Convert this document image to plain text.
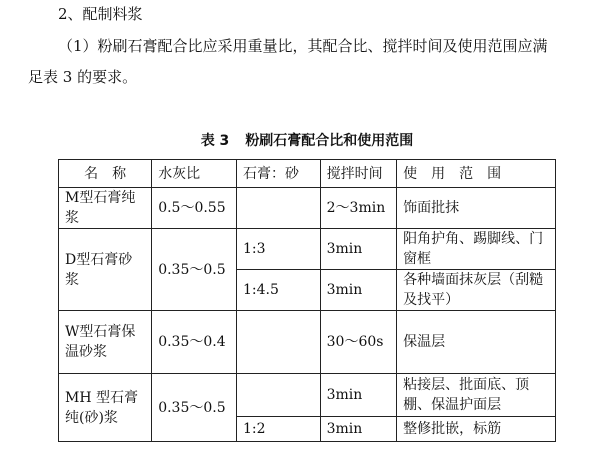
2、配制料浆
（1）粉刷石膏配合比应采用重量比，其配合比、搅拌时间及使用范围应满
足表 3 的要求。
表 3 粉刷石膏配合比和使用范围
名　称	水灰比	石膏：砂	搅拌时间	使　用　范　围
M型石膏纯浆	0.5～0.55		2～3min	饰面批抹
D型石膏砂浆	0.35～0.5	1:3	3min	阳角护角、踢脚线、门窗框
		1:4.5	3min	各种墙面抹灰层（刮糙及找平）
W型石膏保温砂浆	0.35～0.4		30～60s	保温层
MH 型石膏纯(砂)浆	0.35～0.5		3min	粘接层、批面底、顶棚、保温护面层
		1:2	3min	整修批嵌，标筋
